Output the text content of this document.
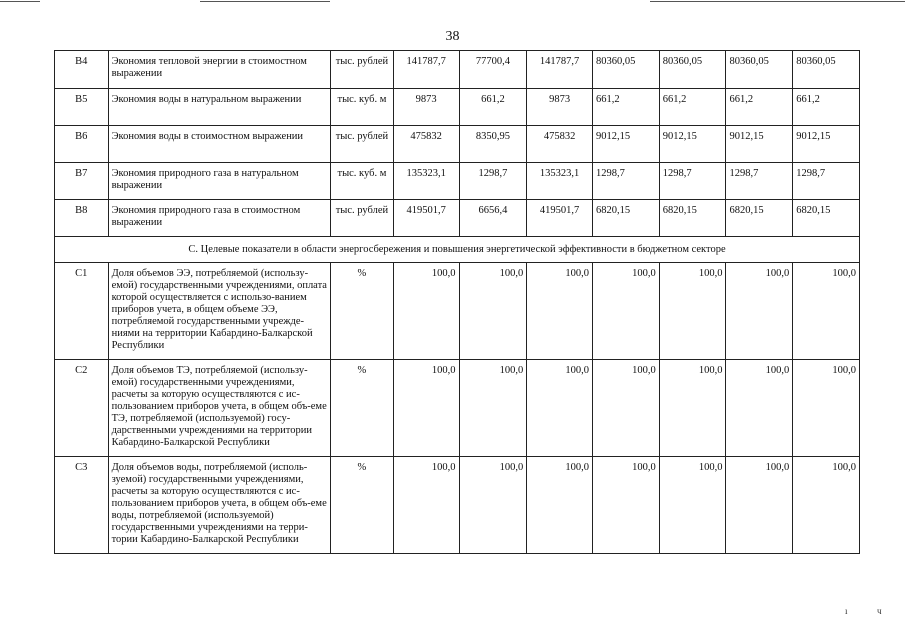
38
В4	Экономия тепловой энергии в стоимостном выражении	тыс. рублей	141787,7	77700,4	141787,7	80360,05	80360,05	80360,05	80360,05
В5	Экономия воды в натуральном выражении	тыс. куб. м	9873	661,2	9873	661,2	661,2	661,2	661,2
В6	Экономия воды в стоимостном выражении	тыс. рублей	475832	8350,95	475832	9012,15	9012,15	9012,15	9012,15
В7	Экономия природного газа в натуральном выражении	тыс. куб. м	135323,1	1298,7	135323,1	1298,7	1298,7	1298,7	1298,7
В8	Экономия природного газа в стоимостном выражении	тыс. рублей	419501,7	6656,4	419501,7	6820,15	6820,15	6820,15	6820,15
С. Целевые показатели в области энергосбережения и повышения энергетической эффективности в бюджетном секторе									
С1	Доля объемов ЭЭ, потребляемой (использу-емой) государственными учреждениями, оплата которой осуществляется с использо-ванием приборов учета, в общем объеме ЭЭ, потребляемой государственными учрежде-ниями на территории Кабардино-Балкарской Республики	%	100,0	100,0	100,0	100,0	100,0	100,0	100,0
С2	Доля объемов ТЭ, потребляемой (использу-емой) государственными учреждениями, расчеты за которую осуществляются с ис-пользованием приборов учета, в общем объ-еме ТЭ, потребляемой (используемой) госу-дарственными учреждениями на территории Кабардино-Балкарской Республики	%	100,0	100,0	100,0	100,0	100,0	100,0	100,0
С3	Доля объемов воды, потребляемой (исполь-зуемой) государственными учреждениями, расчеты за которую осуществляются с ис-пользованием приборов учета, в общем объ-еме воды, потребляемой (используемой) государственными учреждениями на терри-тории Кабардино-Балкарской Республики	%	100,0	100,0	100,0	100,0	100,0	100,0	100,0
ı	ч
